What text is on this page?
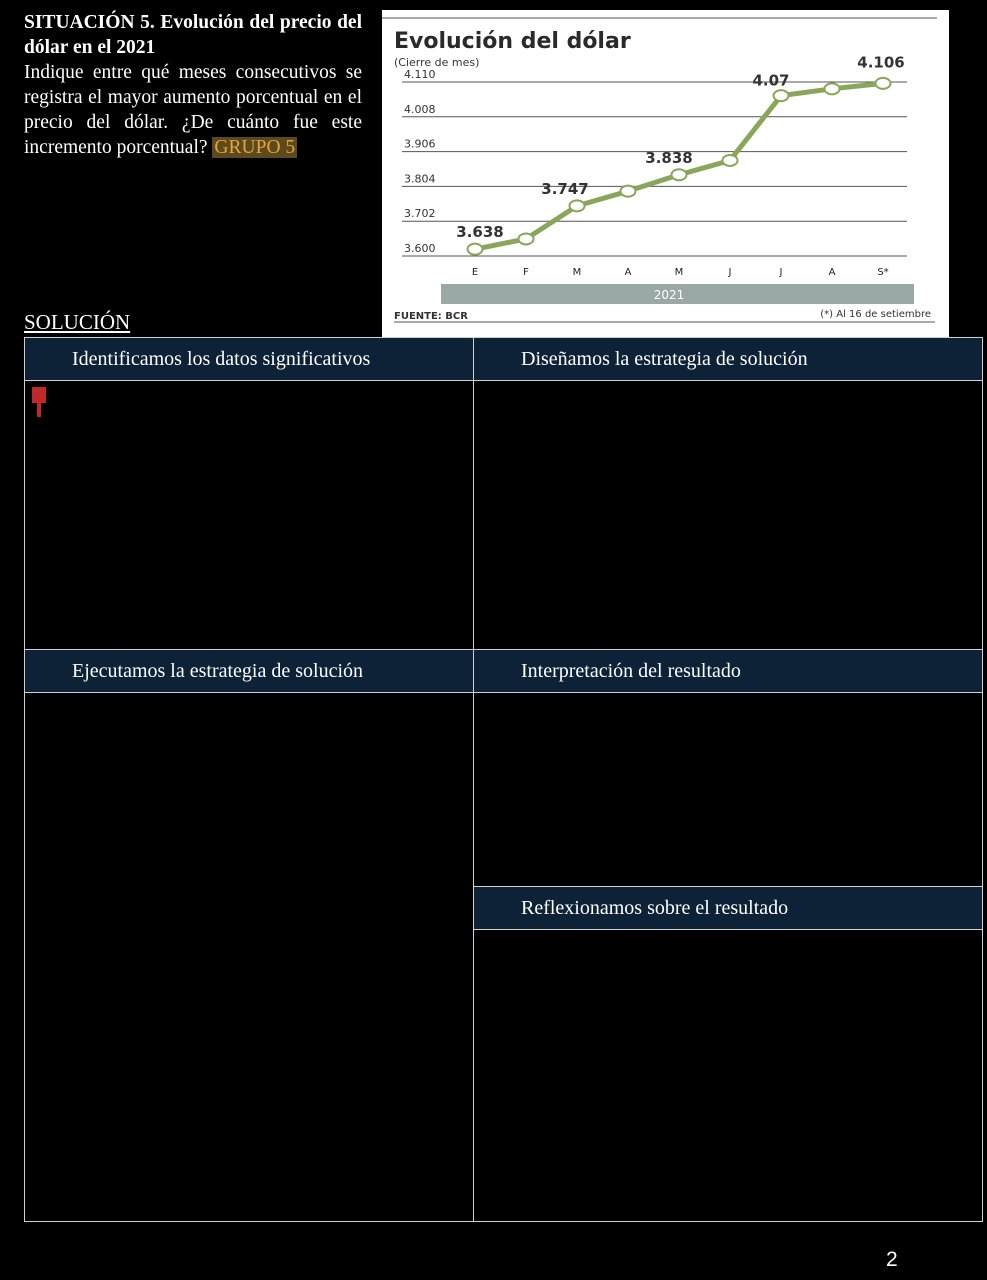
SITUACIÓN 5. Evolución del precio del dólar en el 2021
Indique entre qué meses consecutivos se registra el mayor aumento porcentual en el precio del dólar. ¿De cuánto fue este incremento porcentual? GRUPO 5
SOLUCIÓN
Evolución del dólar
(Cierre de mes)
3.600
3.702
3.804
3.906
4.008
4.110
E	F	M	A	M	J	J	A	S*
2021
3.638
3.747
3.838
4.07
4.106
FUENTE: BCR	(*) Al 16 de setiembre
Identificamos los datos significativos	Diseñamos la estrategia de solución

Ejecutamos la estrategia de solución	Interpretación del resultado

	Reflexionamos sobre el resultado

2
